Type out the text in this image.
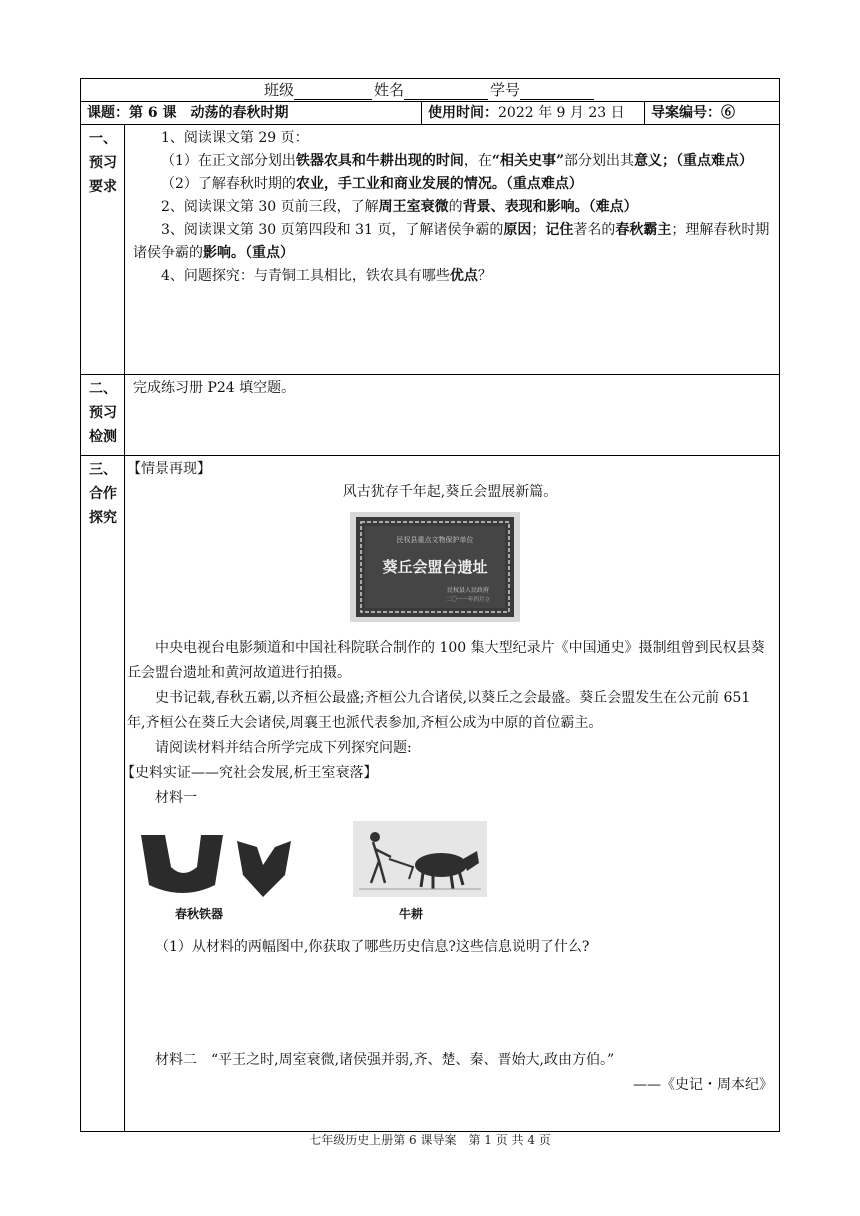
班级	姓名	学号
课题：第 6 课　动荡的春秋时期	使用时间：2022 年 9 月 23 日	导案编号：⑥
一、
预习
要求

1、阅读课文第 29 页：

（1）在正文部分划出铁器农具和牛耕出现的时间，在“相关史事”部分划出其意义；（重点难点）

（2）了解春秋时期的农业，手工业和商业发展的情况。（重点难点）

2、阅读课文第 30 页前三段，了解周王室衰微的背景、表现和影响。（难点）

3、阅读课文第 30 页第四段和 31 页，了解诸侯争霸的原因；记住著名的春秋霸主；理解春秋时期诸侯争霸的影响。（重点）

4、问题探究：与青铜工具相比，铁农具有哪些优点？

二、
预习
检测

完成练习册 P24 填空题。

三、
合作
探究

【情景再现】

风古犹存千年起,葵丘会盟展新篇。

民权县重点文物保护单位
葵丘会盟台遗址
民权县人民政府
二〇一一年四月立

中央电视台电影频道和中国社科院联合制作的 100 集大型纪录片《中国通史》摄制组曾到民权县葵丘会盟台遗址和黄河故道进行拍摄。

史书记载,春秋五霸,以齐桓公最盛;齐桓公九合诸侯,以葵丘之会最盛。葵丘会盟发生在公元前 651 年,齐桓公在葵丘大会诸侯,周襄王也派代表参加,齐桓公成为中原的首位霸主。

请阅读材料并结合所学完成下列探究问题:

【史料实证——究社会发展,析王室衰落】

材料一

春秋铁器	牛耕

（1）从材料的两幅图中,你获取了哪些历史信息?这些信息说明了什么?

材料二　 “平王之时,周室衰微,诸侯强并弱,齐、楚、秦、晋始大,政由方伯。”

——《史记・周本纪》

七年级历史上册第 6 课导案　第 1 页 共 4 页
